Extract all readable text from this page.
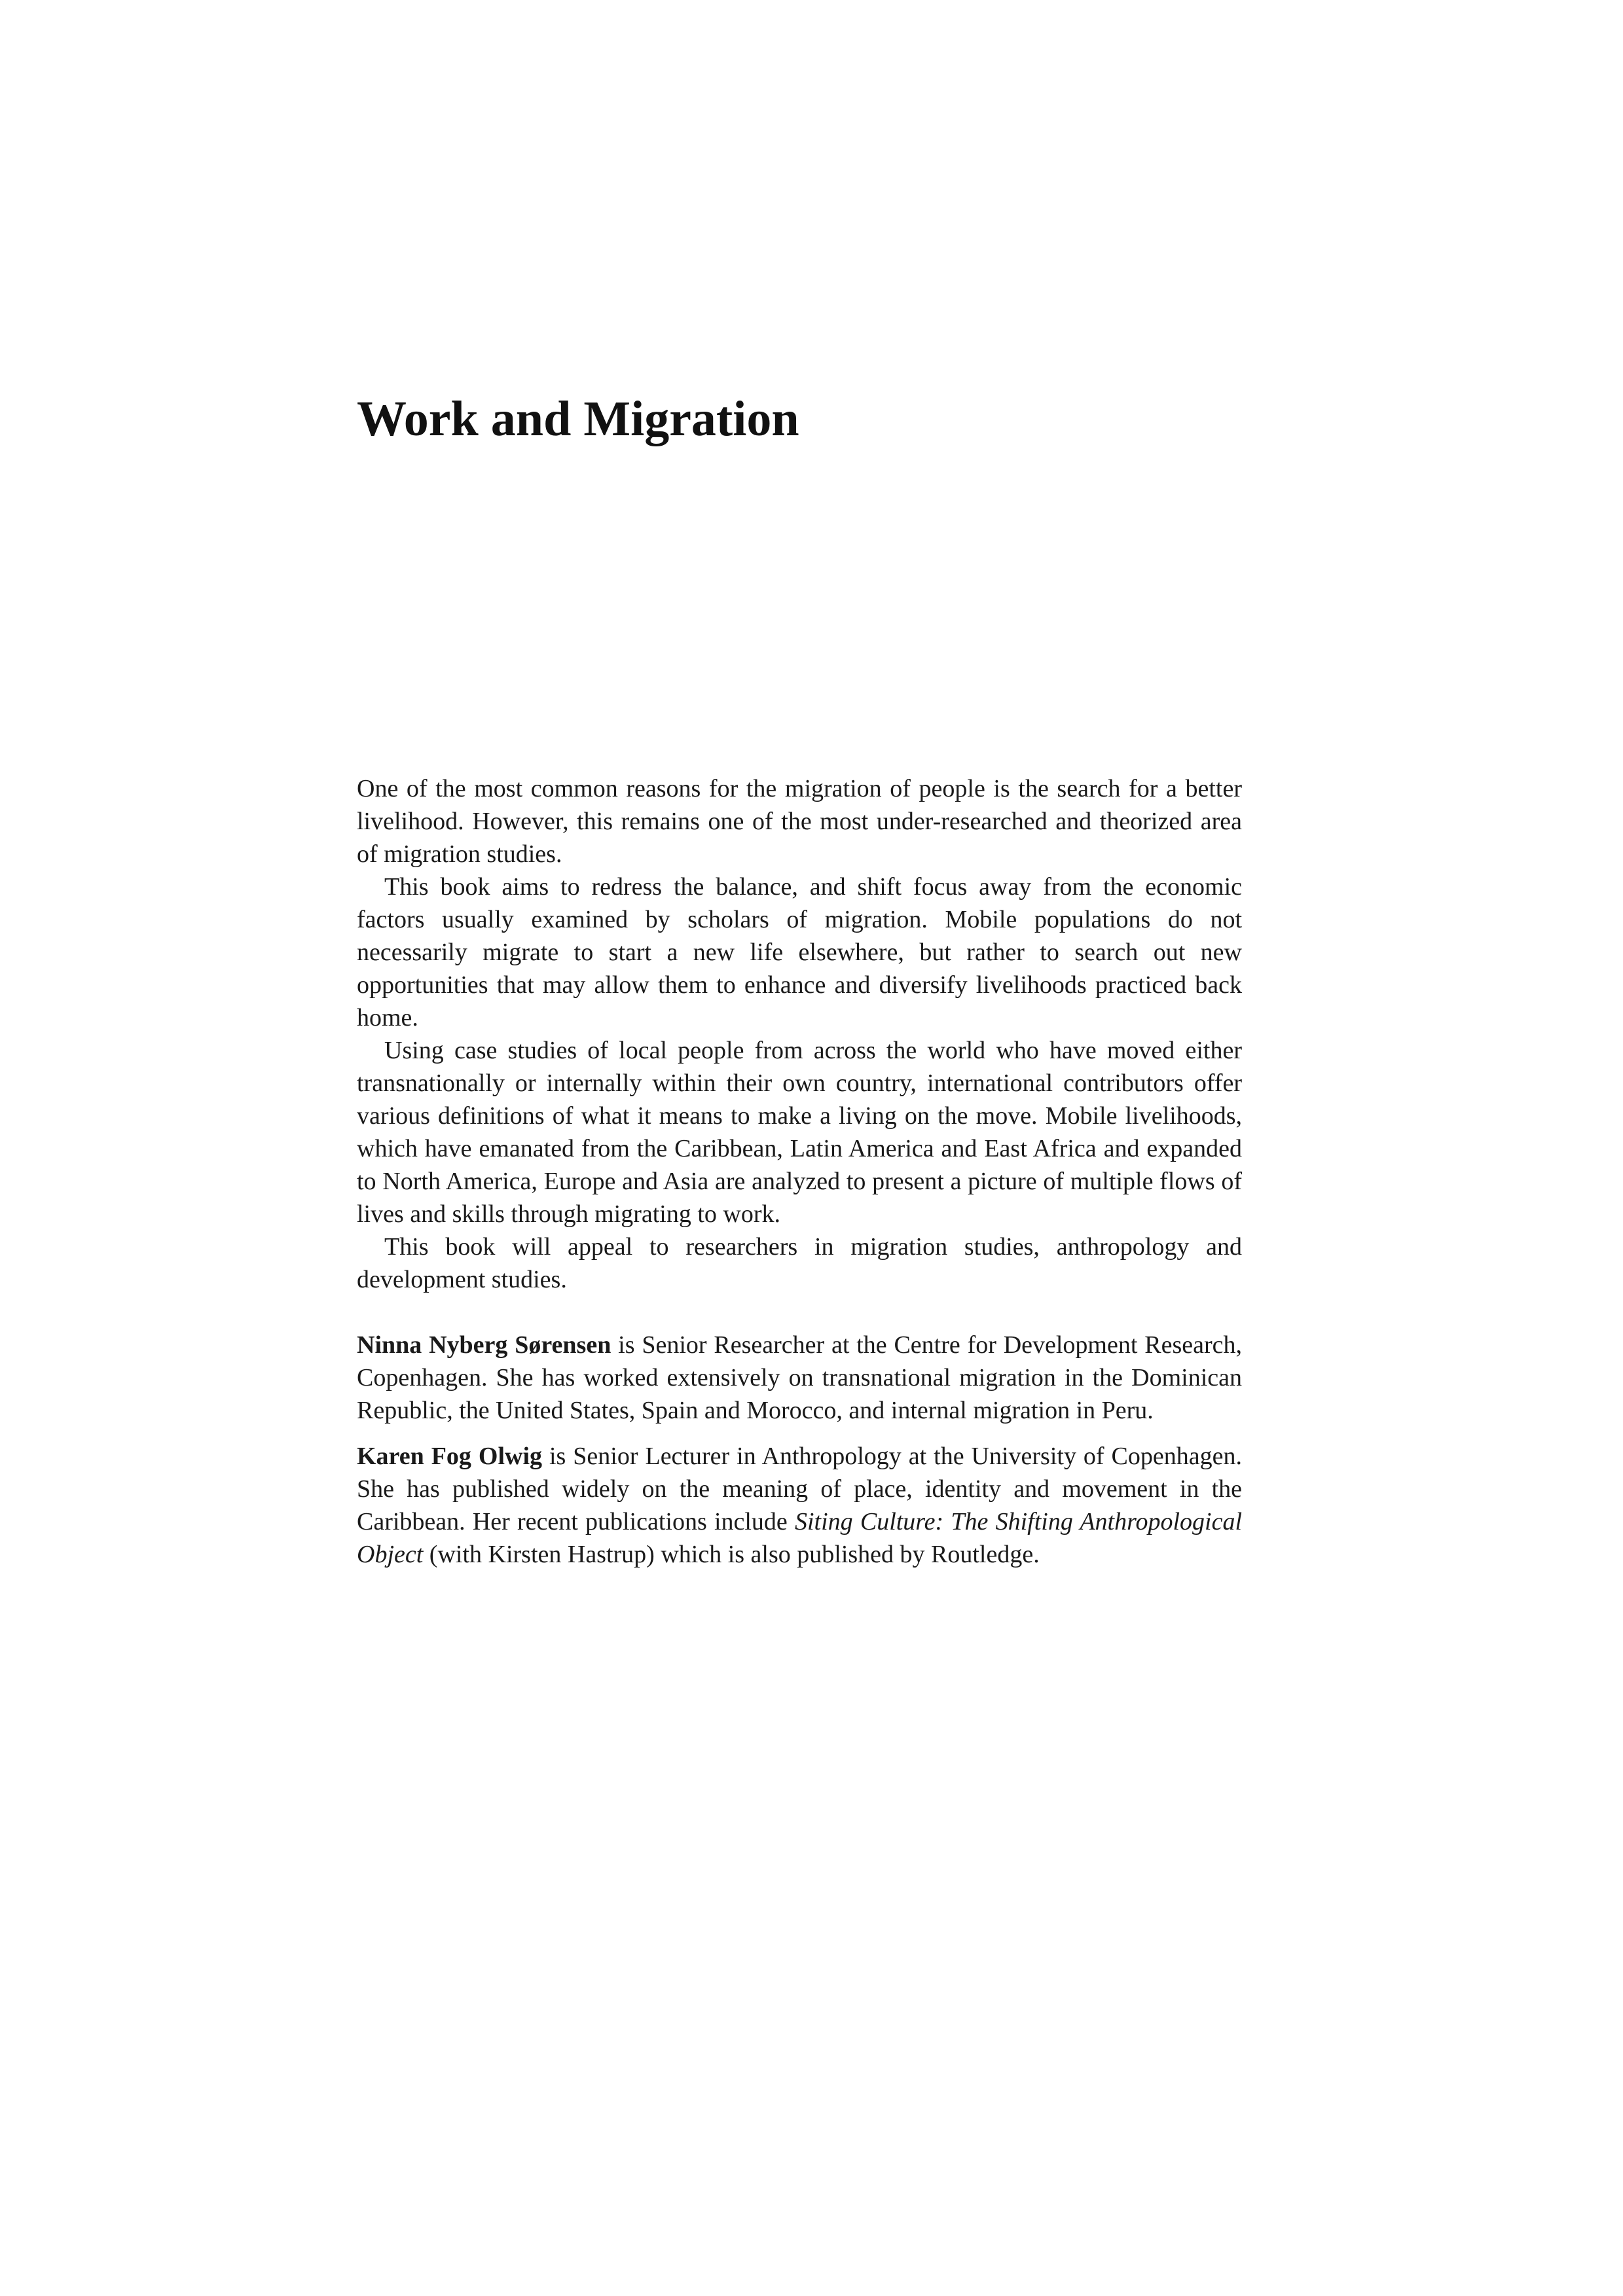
Work and Migration

One of the most common reasons for the migration of people is the search for a better livelihood. However, this remains one of the most under-researched and theorized area of migration studies.

This book aims to redress the balance, and shift focus away from the economic factors usually examined by scholars of migration. Mobile populations do not necessarily migrate to start a new life elsewhere, but rather to search out new opportunities that may allow them to enhance and diversify livelihoods practiced back home.

Using case studies of local people from across the world who have moved either transnationally or internally within their own country, international contributors offer various definitions of what it means to make a living on the move. Mobile livelihoods, which have emanated from the Caribbean, Latin America and East Africa and expanded to North America, Europe and Asia are analyzed to present a picture of multiple flows of lives and skills through migrating to work.

This book will appeal to researchers in migration studies, anthropology and development studies.

Ninna Nyberg Sørensen is Senior Researcher at the Centre for Development Research, Copenhagen. She has worked extensively on transnational migration in the Dominican Republic, the United States, Spain and Morocco, and internal migration in Peru.

Karen Fog Olwig is Senior Lecturer in Anthropology at the University of Copenhagen. She has published widely on the meaning of place, identity and movement in the Caribbean. Her recent publications include Siting Culture: The Shifting Anthropological Object (with Kirsten Hastrup) which is also published by Routledge.
